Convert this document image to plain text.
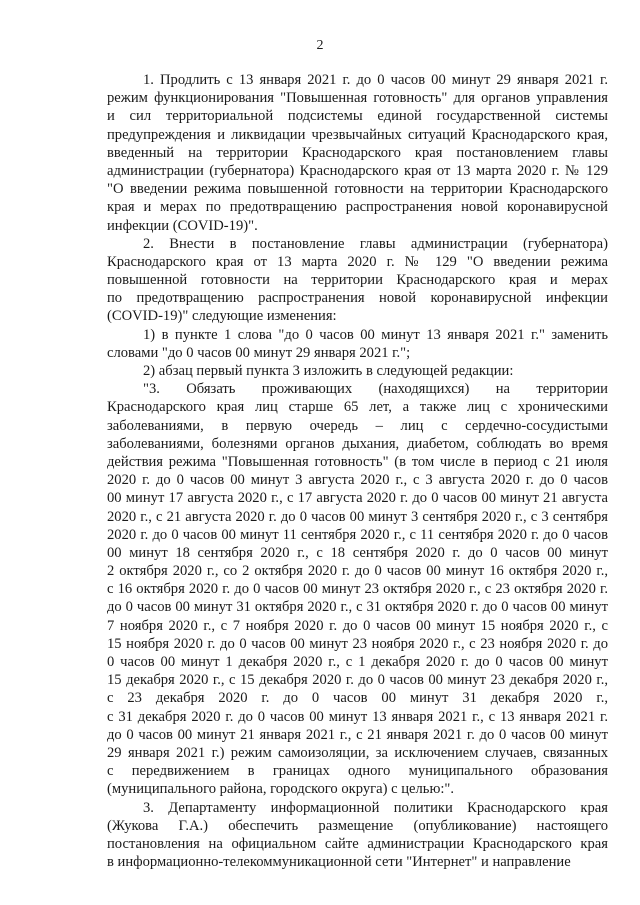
2
1. Продлить с 13 января 2021 г. до 0 часов 00 минут 29 января 2021 г.
режим функционирования "Повышенная готовность" для органов управления
и сил территориальной подсистемы единой государственной системы
предупреждения и ликвидации чрезвычайных ситуаций Краснодарского края,
введенный на территории Краснодарского края постановлением главы
администрации (губернатора) Краснодарского края от 13 марта 2020 г. № 129
"О введении режима повышенной готовности на территории Краснодарского
края и мерах по предотвращению распространения новой коронавирусной
инфекции (COVID-19)".
2. Внести в постановление главы администрации (губернатора)
Краснодарского края от 13 марта 2020 г. № 129 "О введении режима
повышенной готовности на территории Краснодарского края и мерах
по предотвращению распространения новой коронавирусной инфекции
(COVID-19)" следующие изменения:
1) в пункте 1 слова "до 0 часов 00 минут 13 января 2021 г." заменить
словами "до 0 часов 00 минут 29 января 2021 г.";
2) абзац первый пункта 3 изложить в следующей редакции:
"3. Обязать проживающих (находящихся) на территории
Краснодарского края лиц старше 65 лет, а также лиц с хроническими
заболеваниями, в первую очередь – лиц с сердечно-сосудистыми
заболеваниями, болезнями органов дыхания, диабетом, соблюдать во время
действия режима "Повышенная готовность" (в том числе в период с 21 июля
2020 г. до 0 часов 00 минут 3 августа 2020 г., с 3 августа 2020 г. до 0 часов
00 минут 17 августа 2020 г., с 17 августа 2020 г. до 0 часов 00 минут 21 августа
2020 г., с 21 августа 2020 г. до 0 часов 00 минут 3 сентября 2020 г., с 3 сентября
2020 г. до 0 часов 00 минут 11 сентября 2020 г., с 11 сентября 2020 г. до 0 часов
00 минут 18 сентября 2020 г., с 18 сентября 2020 г. до 0 часов 00 минут
2 октября 2020 г., со 2 октября 2020 г. до 0 часов 00 минут 16 октября 2020 г.,
с 16 октября 2020 г. до 0 часов 00 минут 23 октября 2020 г., с 23 октября 2020 г.
до 0 часов 00 минут 31 октября 2020 г., с 31 октября 2020 г. до 0 часов 00 минут
7 ноября 2020 г., с 7 ноября 2020 г. до 0 часов 00 минут 15 ноября 2020 г., с
15 ноября 2020 г. до 0 часов 00 минут 23 ноября 2020 г., с 23 ноября 2020 г. до
0 часов 00 минут 1 декабря 2020 г., с 1 декабря 2020 г. до 0 часов 00 минут
15 декабря 2020 г., с 15 декабря 2020 г. до 0 часов 00 минут 23 декабря 2020 г.,
с 23 декабря 2020 г. до 0 часов 00 минут 31 декабря 2020 г.,
с 31 декабря 2020 г. до 0 часов 00 минут 13 января 2021 г., с 13 января 2021 г.
до 0 часов 00 минут 21 января 2021 г., с 21 января 2021 г. до 0 часов 00 минут
29 января 2021 г.) режим самоизоляции, за исключением случаев, связанных
с передвижением в границах одного муниципального образования
(муниципального района, городского округа) с целью:".
3. Департаменту информационной политики Краснодарского края
(Жукова Г.А.) обеспечить размещение (опубликование) настоящего
постановления на официальном сайте администрации Краснодарского края
в информационно-телекоммуникационной сети "Интернет" и направление
